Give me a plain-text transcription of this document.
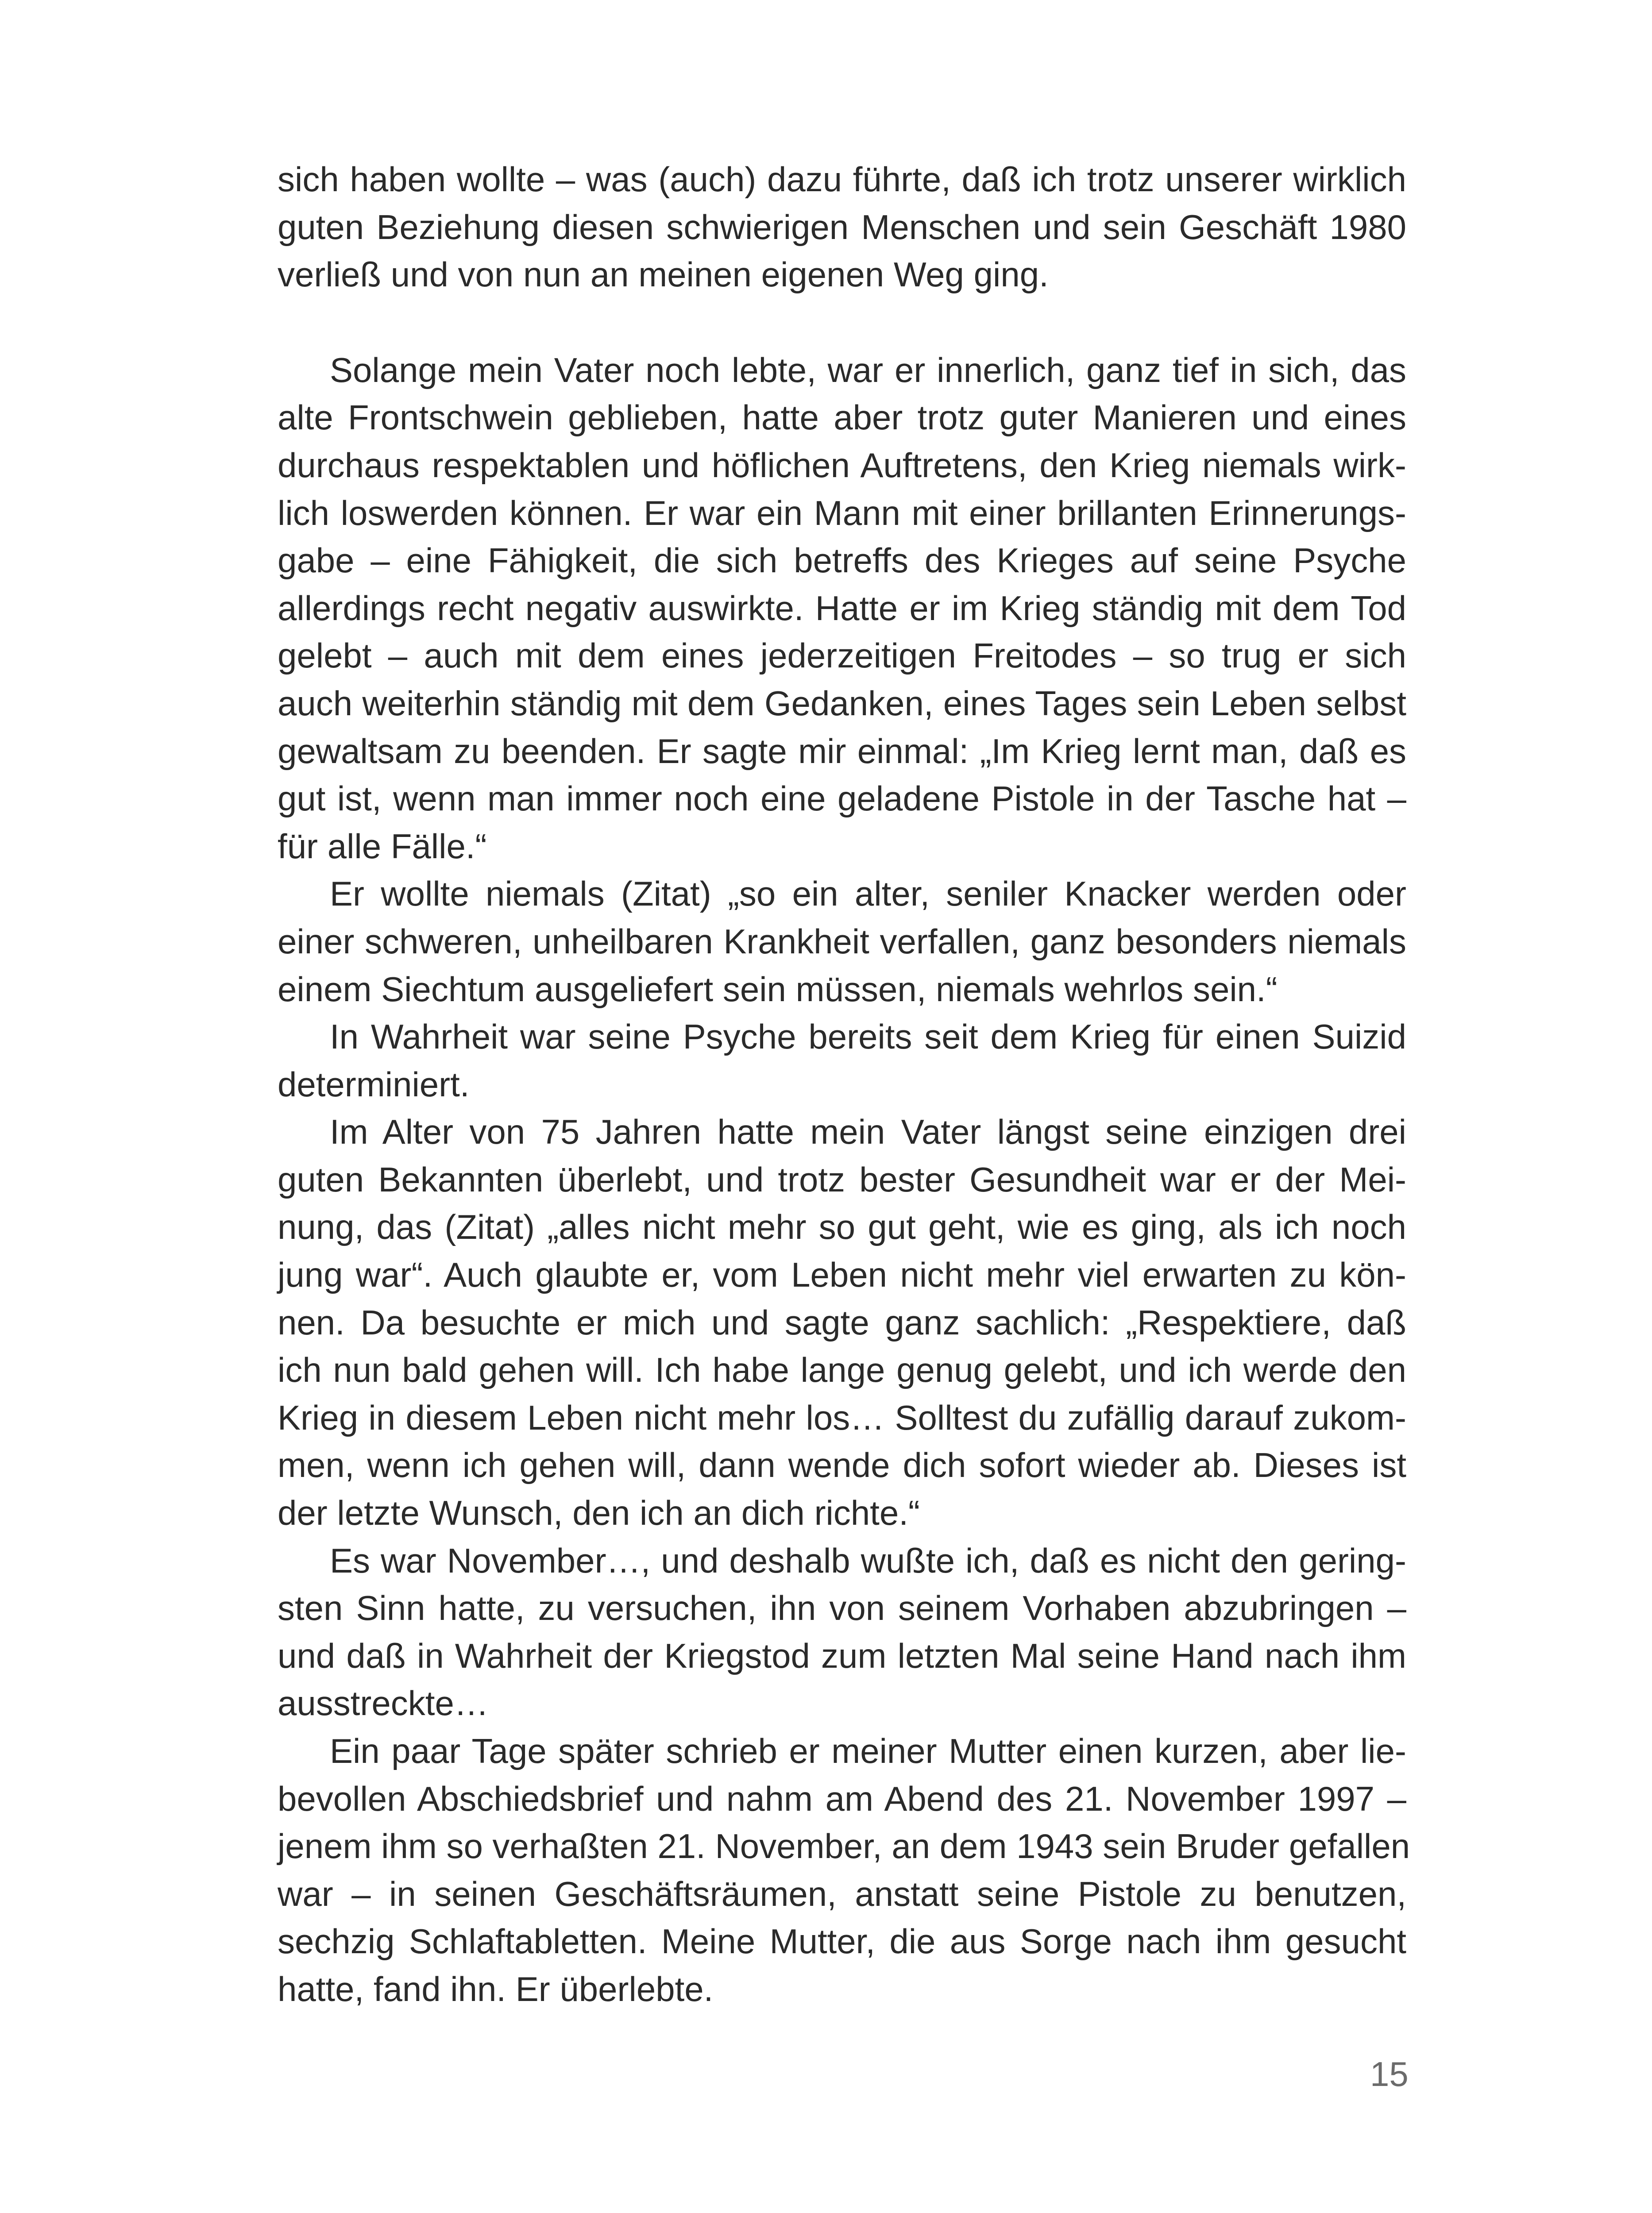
sich haben wollte – was (auch) dazu führte, daß ich trotz unserer wirklich
guten Beziehung diesen schwierigen Menschen und sein Geschäft 1980
verließ und von nun an meinen eigenen Weg ging.

Solange mein Vater noch lebte, war er innerlich, ganz tief in sich, das
alte Frontschwein geblieben, hatte aber trotz guter Manieren und eines
durchaus respektablen und höflichen Auftretens, den Krieg niemals wirk-
lich loswerden können. Er war ein Mann mit einer brillanten Erinnerungs-
gabe – eine Fähigkeit, die sich betreffs des Krieges auf seine Psyche
allerdings recht negativ auswirkte. Hatte er im Krieg ständig mit dem Tod
gelebt – auch mit dem eines jederzeitigen Freitodes – so trug er sich
auch weiterhin ständig mit dem Gedanken, eines Tages sein Leben selbst
gewaltsam zu beenden. Er sagte mir einmal: „Im Krieg lernt man, daß es
gut ist, wenn man immer noch eine geladene Pistole in der Tasche hat –
für alle Fälle.“

Er wollte niemals (Zitat) „so ein alter, seniler Knacker werden oder
einer schweren, unheilbaren Krankheit verfallen, ganz besonders niemals
einem Siechtum ausgeliefert sein müssen, niemals wehrlos sein.“

In Wahrheit war seine Psyche bereits seit dem Krieg für einen Suizid
determiniert.

Im Alter von 75 Jahren hatte mein Vater längst seine einzigen drei
guten Bekannten überlebt, und trotz bester Gesundheit war er der Mei-
nung, das (Zitat) „alles nicht mehr so gut geht, wie es ging, als ich noch
jung war“. Auch glaubte er, vom Leben nicht mehr viel erwarten zu kön-
nen. Da besuchte er mich und sagte ganz sachlich: „Respektiere, daß
ich nun bald gehen will. Ich habe lange genug gelebt, und ich werde den
Krieg in diesem Leben nicht mehr los… Solltest du zufällig darauf zukom-
men, wenn ich gehen will, dann wende dich sofort wieder ab. Dieses ist
der letzte Wunsch, den ich an dich richte.“

Es war November…, und deshalb wußte ich, daß es nicht den gering-
sten Sinn hatte, zu versuchen, ihn von seinem Vorhaben abzubringen –
und daß in Wahrheit der Kriegstod zum letzten Mal seine Hand nach ihm
ausstreckte…

Ein paar Tage später schrieb er meiner Mutter einen kurzen, aber lie-
bevollen Abschiedsbrief und nahm am Abend des 21. November 1997 –
jenem ihm so verhaßten 21. November, an dem 1943 sein Bruder gefallen
war – in seinen Geschäftsräumen, anstatt seine Pistole zu benutzen,
sechzig Schlaftabletten. Meine Mutter, die aus Sorge nach ihm gesucht
hatte, fand ihn. Er überlebte.

15
